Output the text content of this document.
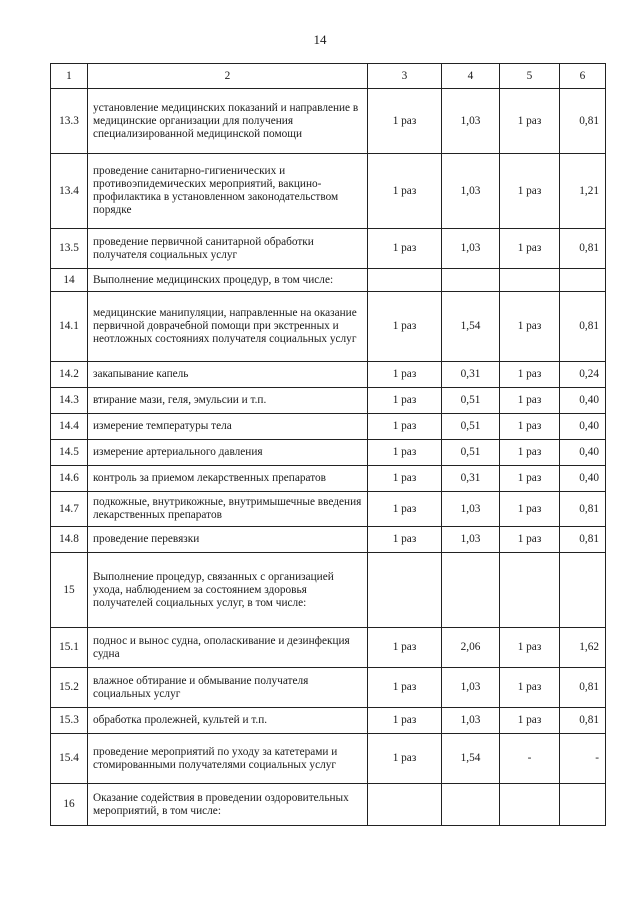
14
1	2	3	4	5	6
13.3	установление медицинских показаний и направление в медицинские организации для получения специализированной медицинской помощи	1 раз	1,03	1 раз	0,81
13.4	проведение санитарно-гигиенических и противоэпидемических мероприятий, вакцино-профилактика в установленном законодательством порядке	1 раз	1,03	1 раз	1,21
13.5	проведение первичной санитарной обработки получателя социальных услуг	1 раз	1,03	1 раз	0,81
14	Выполнение медицинских процедур, в том числе:				
14.1	медицинские манипуляции, направленные на оказание первичной доврачебной помощи при экстренных и неотложных состояниях получателя социальных услуг	1 раз	1,54	1 раз	0,81
14.2	закапывание капель	1 раз	0,31	1 раз	0,24
14.3	втирание мази, геля, эмульсии и т.п.	1 раз	0,51	1 раз	0,40
14.4	измерение температуры тела	1 раз	0,51	1 раз	0,40
14.5	измерение артериального давления	1 раз	0,51	1 раз	0,40
14.6	контроль за приемом лекарственных препаратов	1 раз	0,31	1 раз	0,40
14.7	подкожные, внутрикожные, внутримышечные введения лекарственных препаратов	1 раз	1,03	1 раз	0,81
14.8	проведение перевязки	1 раз	1,03	1 раз	0,81
15	Выполнение процедур, связанных с организацией ухода, наблюдением за состоянием здоровья получателей социальных услуг, в том числе:				
15.1	поднос и вынос судна, ополаскивание и дезинфекция судна	1 раз	2,06	1 раз	1,62
15.2	влажное обтирание и обмывание получателя социальных услуг	1 раз	1,03	1 раз	0,81
15.3	обработка пролежней, культей и т.п.	1 раз	1,03	1 раз	0,81
15.4	проведение мероприятий по уходу за катетерами и стомированными получателями социальных услуг	1 раз	1,54	-	-
16	Оказание содействия в проведении оздоровительных мероприятий, в том числе:				
